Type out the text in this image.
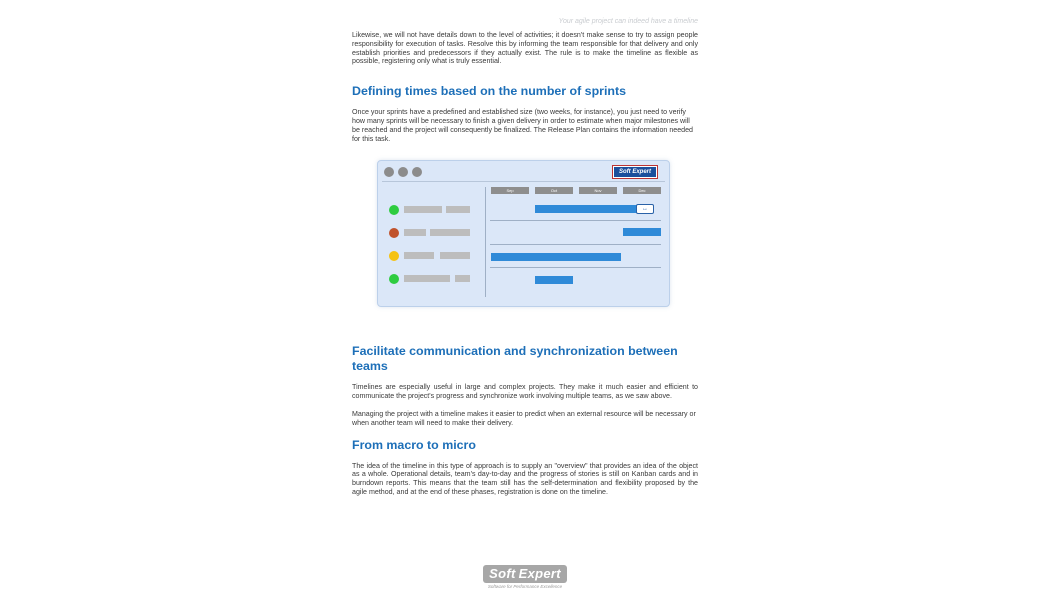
Your agile project can indeed have a timeline

Likewise, we will not have details down to the level of activities; it doesn't make sense to try to assign people responsibility for execution of tasks. Resolve this by informing the team responsible for that delivery and only establish priorities and predecessors if they actually exist. The rule is to make the timeline as flexible as possible, registering only what is truly essential.

Defining times based on the number of sprints

Once your sprints have a predefined and established size (two weeks, for instance), you just need to verify how many sprints will be necessary to finish a given delivery in order to estimate when major milestones will be reached and the project will consequently be finalized. The Release Plan contains the information needed for this task.

Soft Expert
Sep	Oct	Nov	Dec
↔
Facilitate communication and synchronization between teams

Timelines are especially useful in large and complex projects. They make it much easier and efficient to communicate the project's progress and synchronize work involving multiple teams, as we saw above.

Managing the project with a timeline makes it easier to predict when an external resource will be necessary or when another team will need to make their delivery.

From macro to micro

The idea of the timeline in this type of approach is to supply an "overview" that provides an idea of the object as a whole. Operational details, team's day-to-day and the progress of stories is still on Kanban cards and in burndown reports. This means that the team still has the self-determination and flexibility proposed by the agile method, and at the end of these phases, registration is done on the timeline.

Soft Expert
Software for Performance Excellence
